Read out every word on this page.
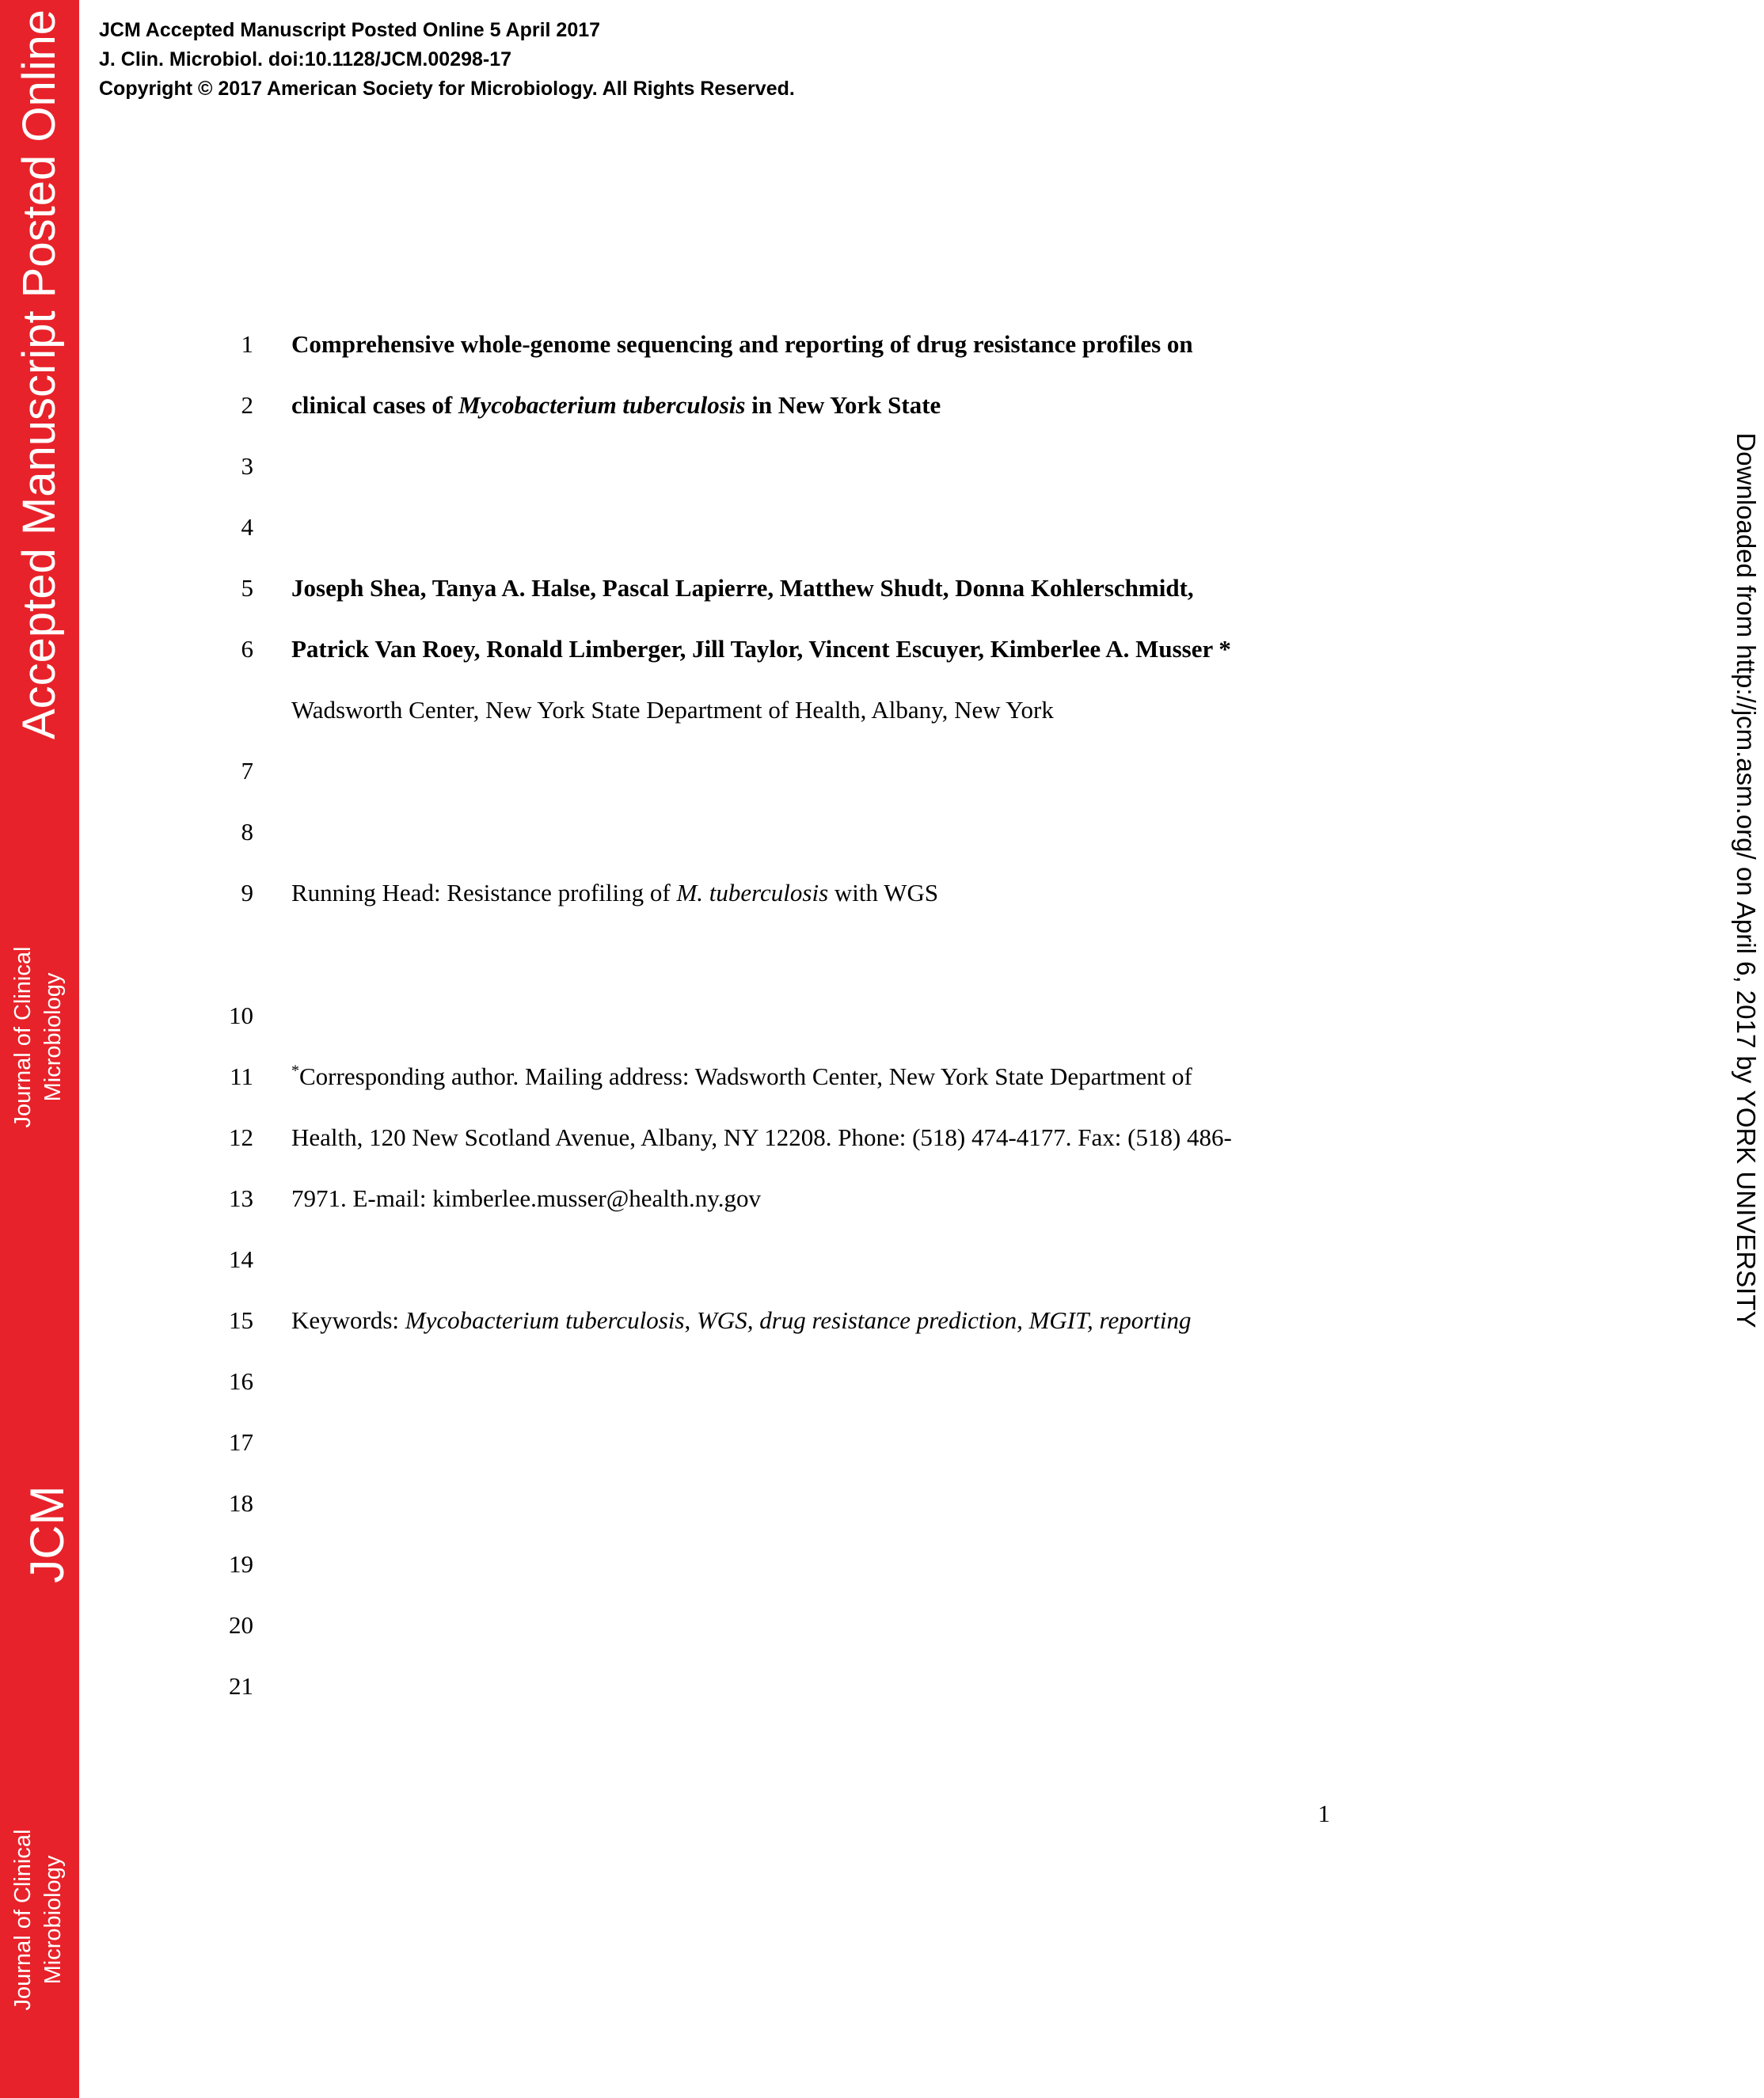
Accepted Manuscript Posted Online
Journal of Clinical Microbiology
JCM
Journal of Clinical Microbiology
JCM Accepted Manuscript Posted Online 5 April 2017
J. Clin. Microbiol. doi:10.1128/JCM.00298-17
Copyright © 2017 American Society for Microbiology. All Rights Reserved.
Downloaded from http://jcm.asm.org/ on April 6, 2017 by YORK UNIVERSITY
1
2
3
4
5
6
7
8
9
10
11
12
13
14
15
16
17
18
19
20
21
Comprehensive whole-genome sequencing and reporting of drug resistance profiles on
clinical cases of Mycobacterium tuberculosis in New York State
Joseph Shea, Tanya A. Halse, Pascal Lapierre, Matthew Shudt, Donna Kohlerschmidt,
Patrick Van Roey, Ronald Limberger, Jill Taylor, Vincent Escuyer, Kimberlee A. Musser *
Wadsworth Center, New York State Department of Health, Albany, New York
Running Head: Resistance profiling of M. tuberculosis with WGS
*Corresponding author. Mailing address: Wadsworth Center, New York State Department of
Health, 120 New Scotland Avenue, Albany, NY 12208. Phone: (518) 474-4177. Fax: (518) 486-
7971. E-mail: kimberlee.musser@health.ny.gov
Keywords: Mycobacterium tuberculosis, WGS, drug resistance prediction, MGIT, reporting
1
